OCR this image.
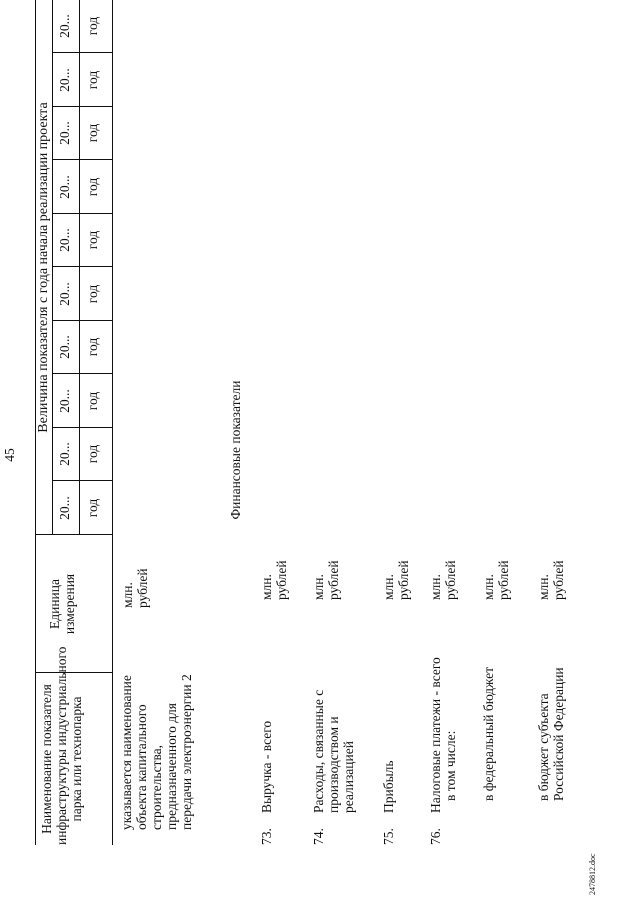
45
Наименование показателя инфраструктуры индустриального парка или технопарка
Единица измерения
Величина показателя с года начала реализации проекта
20... год
20... год
20... год
20... год
20... год
20... год
20... год
20... год
20... год
20... год
указывается наименование объекта капитального строительства, предназначенного для передачи электроэнергии 2
млн. рублей
Финансовые показатели
73.
Выручка - всего
млн. рублей
74.
Расходы, связанные с производством и реализацией
млн. рублей
75.
Прибыль
млн. рублей
76.
Налоговые платежи - всего в том числе:
млн. рублей
в федеральный бюджет
млн. рублей
в бюджет субъекта Российской Федерации
млн. рублей
2478812.doc
